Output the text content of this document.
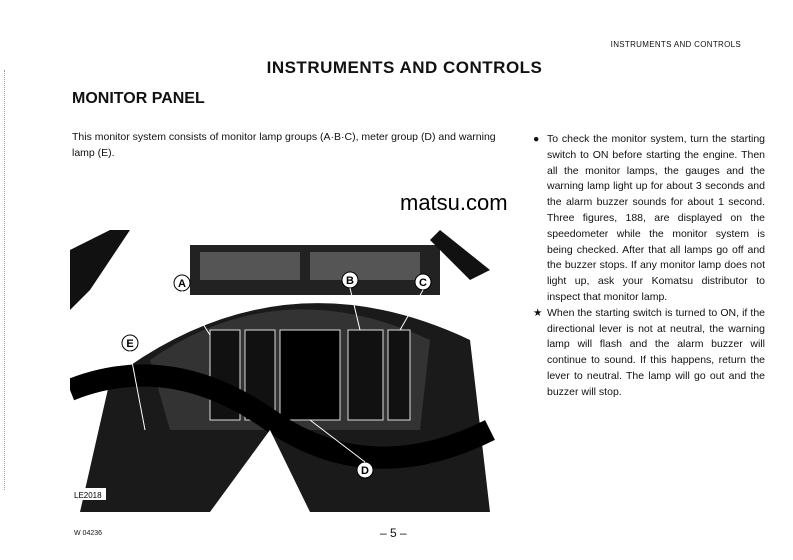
INSTRUMENTS AND CONTROLS
INSTRUMENTS AND CONTROLS
MONITOR PANEL
This monitor system consists of monitor lamp groups (A·B·C), meter group (D) and warning lamp (E).
A	B	C
D
E
LE2018
matsu.com

● To check the monitor system, turn the starting switch to ON before starting the engine. Then all the monitor lamps, the gauges and the warning lamp light up for about 3 seconds and the alarm buzzer sounds for about 1 second. Three figures, 188, are displayed on the speedometer while the monitor system is being checked. After that all lamps go off and the buzzer stops. If any monitor lamp does not light up, ask your Komatsu distributor to inspect that monitor lamp.

★ When the starting switch is turned to ON, if the directional lever is not at neutral, the warning lamp will flash and the alarm buzzer will continue to sound. If this happens, return the lever to neutral. The lamp will go out and the buzzer will stop.

W 04236	– 5 –
